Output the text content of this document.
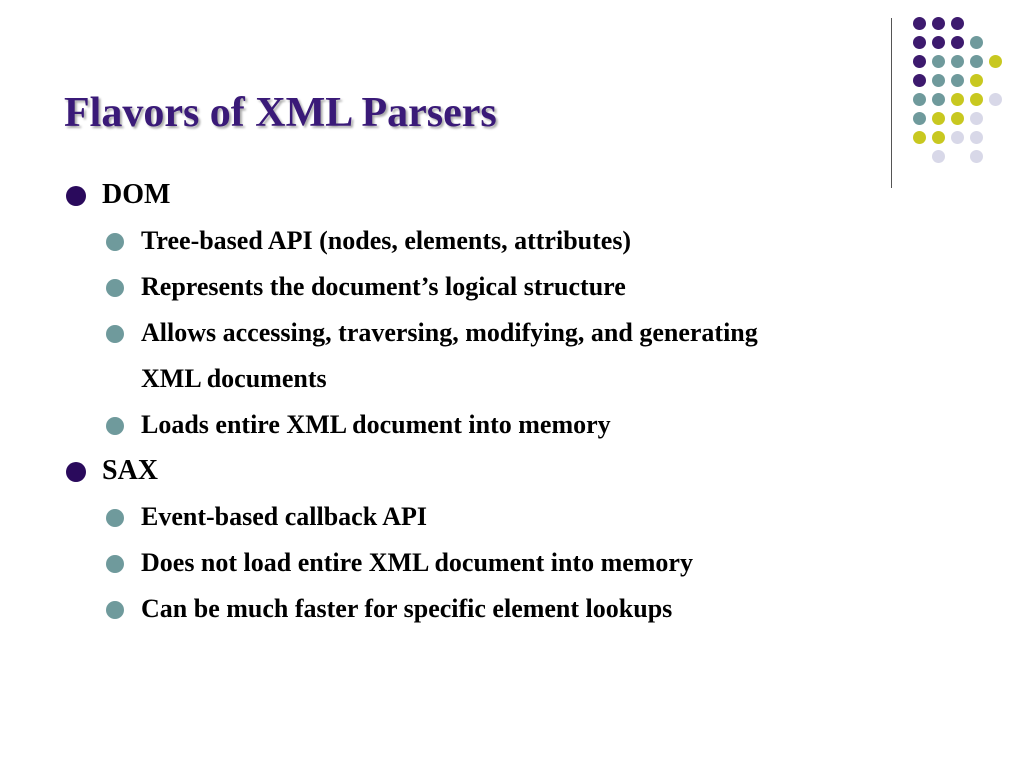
Flavors of XML Parsers
DOM
Tree-based API (nodes, elements, attributes)
Represents the document’s logical structure
Allows accessing, traversing, modifying, and generating
XML documents
Loads entire XML document into memory
SAX
Event-based callback API
Does not load entire XML document into memory
Can be much faster for specific element lookups
